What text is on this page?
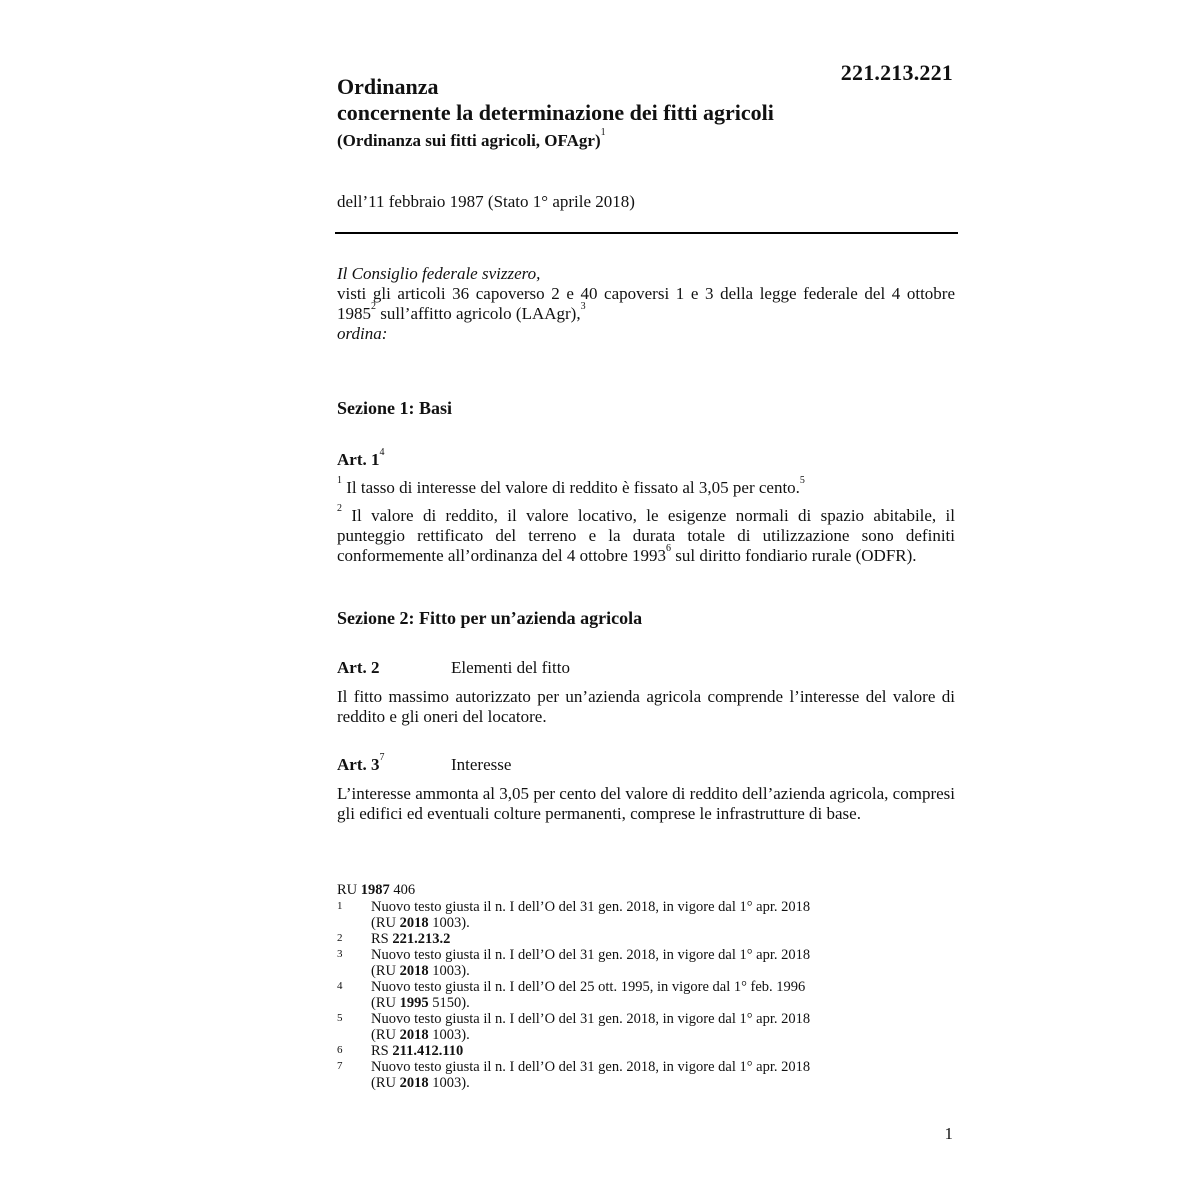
221.213.221
Ordinanza
concernente la determinazione dei fitti agricoli
(Ordinanza sui fitti agricoli, OFAgr)$^1$
dell’11 febbraio 1987 (Stato 1° aprile 2018)

Il Consiglio federale svizzero,

visti gli articoli 36 capoverso 2 e 40 capoversi 1 e 3 della legge federale del 4 ottobre 1985$^2$ sull’affitto agricolo (LAAgr),$^3$

ordina:

Sezione 1: Basi
Art. $1^4$

$^1$ Il tasso di interesse del valore di reddito è fissato al 3,05 per cento.$^5$

$^2$ Il valore di reddito, il valore locativo, le esigenze normali di spazio abitabile, il punteggio rettificato del terreno e la durata totale di utilizzazione sono definiti conformemente all’ordinanza del 4 ottobre 1993$^6$ sul diritto fondiario rurale (ODFR).

Sezione 2: Fitto per un’azienda agricola
Art. 2	Elementi del fitto

Il fitto massimo autorizzato per un’azienda agricola comprende l’interesse del valore di reddito e gli oneri del locatore.

Art. $3^7$	Interesse

L’interesse ammonta al 3,05 per cento del valore di reddito dell’azienda agricola, compresi gli edifici ed eventuali colture permanenti, comprese le infrastrutture di base.

RU 1987 406
1	Nuovo testo giusta il n. I dell’O del 31 gen. 2018, in vigore dal 1° apr. 2018
(RU 2018 1003).
2	RS 221.213.2
3	Nuovo testo giusta il n. I dell’O del 31 gen. 2018, in vigore dal 1° apr. 2018
(RU 2018 1003).
4	Nuovo testo giusta il n. I dell’O del 25 ott. 1995, in vigore dal 1° feb. 1996
(RU 1995 5150).
5	Nuovo testo giusta il n. I dell’O del 31 gen. 2018, in vigore dal 1° apr. 2018
(RU 2018 1003).
6	RS 211.412.110
7	Nuovo testo giusta il n. I dell’O del 31 gen. 2018, in vigore dal 1° apr. 2018
(RU 2018 1003).
1
